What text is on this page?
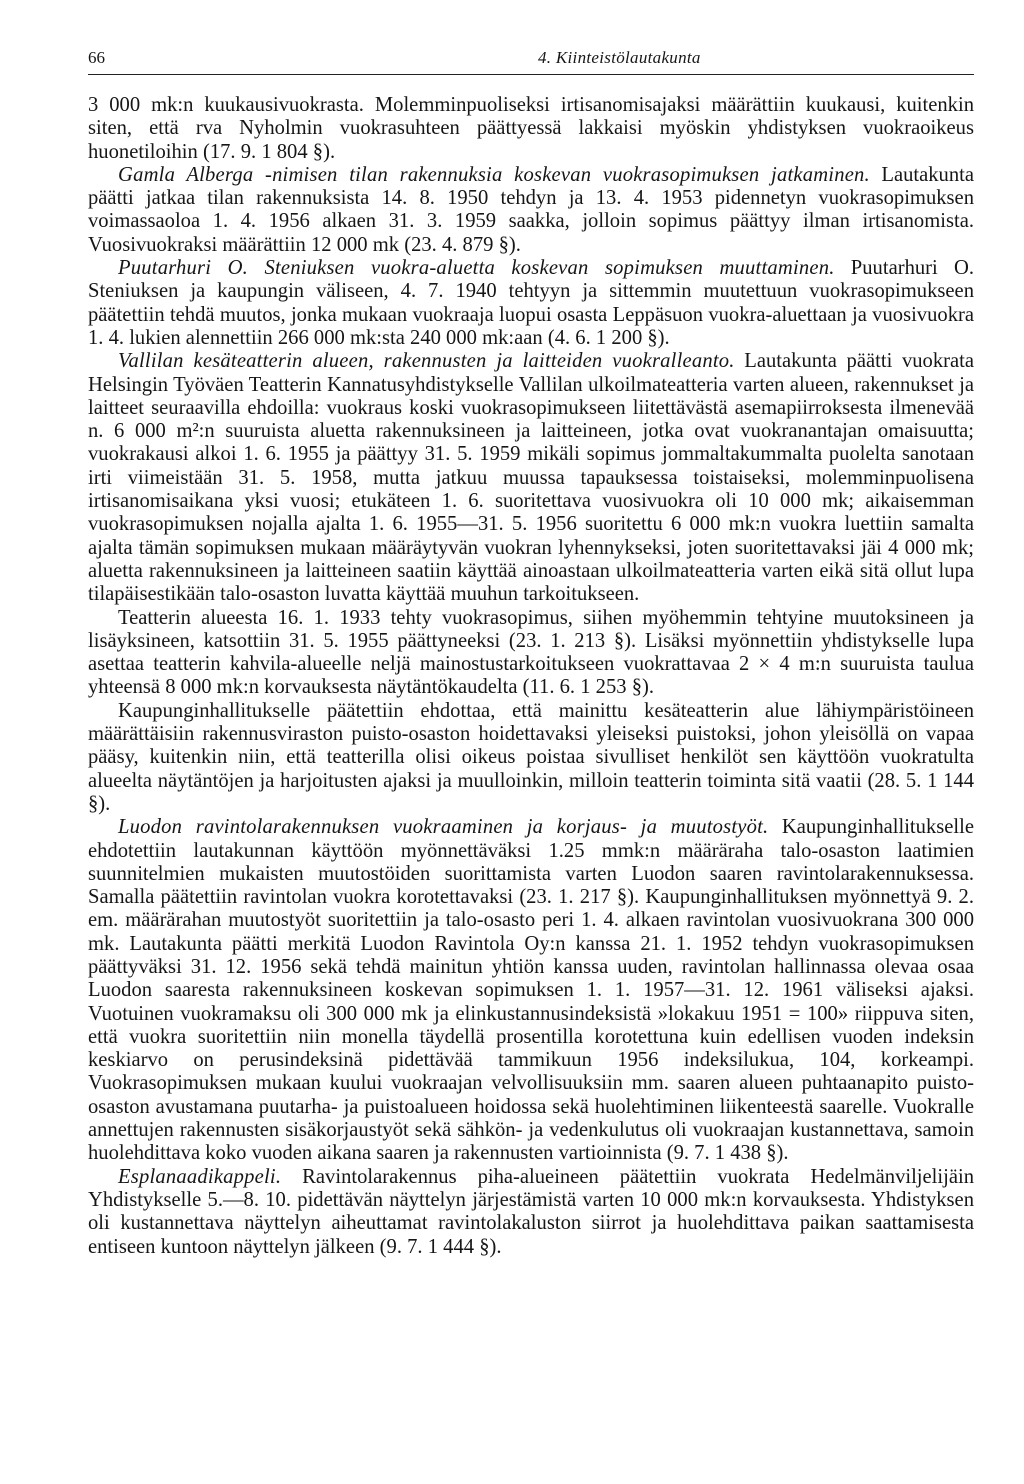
66	4. Kiinteistölautakunta

3 000 mk:n kuukausivuokrasta. Molemminpuoliseksi irtisanomisajaksi määrättiin kuukausi, kuitenkin siten, että rva Nyholmin vuokrasuhteen päättyessä lakkaisi myöskin yhdistyksen vuokraoikeus huonetiloihin (17. 9. 1 804 §).

Gamla Alberga -nimisen tilan rakennuksia koskevan vuokrasopimuksen jatkaminen. Lautakunta päätti jatkaa tilan rakennuksista 14. 8. 1950 tehdyn ja 13. 4. 1953 pidennetyn vuokrasopimuksen voimassaoloa 1. 4. 1956 alkaen 31. 3. 1959 saakka, jolloin sopimus päättyy ilman irtisanomista. Vuosivuokraksi määrättiin 12 000 mk (23. 4. 879 §).

Puutarhuri O. Steniuksen vuokra-aluetta koskevan sopimuksen muuttaminen. Puutarhuri O. Steniuksen ja kaupungin väliseen, 4. 7. 1940 tehtyyn ja sittemmin muutettuun vuokrasopimukseen päätettiin tehdä muutos, jonka mukaan vuokraaja luopui osasta Leppäsuon vuokra-aluettaan ja vuosivuokra 1. 4. lukien alennettiin 266 000 mk:sta 240 000 mk:aan (4. 6. 1 200 §).

Vallilan kesäteatterin alueen, rakennusten ja laitteiden vuokralleanto. Lautakunta päätti vuokrata Helsingin Työväen Teatterin Kannatusyhdistykselle Vallilan ulkoilmateatteria varten alueen, rakennukset ja laitteet seuraavilla ehdoilla: vuokraus koski vuokrasopimukseen liitettävästä asemapiirroksesta ilmenevää n. 6 000 m²:n suuruista aluetta rakennuksineen ja laitteineen, jotka ovat vuokranantajan omaisuutta; vuokrakausi alkoi 1. 6. 1955 ja päättyy 31. 5. 1959 mikäli sopimus jommaltakummalta puolelta sanotaan irti viimeistään 31. 5. 1958, mutta jatkuu muussa tapauksessa toistaiseksi, molemminpuolisena irtisanomisaikana yksi vuosi; etukäteen 1. 6. suoritettava vuosivuokra oli 10 000 mk; aikaisemman vuokrasopimuksen nojalla ajalta 1. 6. 1955—31. 5. 1956 suoritettu 6 000 mk:n vuokra luettiin samalta ajalta tämän sopimuksen mukaan määräytyvän vuokran lyhennykseksi, joten suoritettavaksi jäi 4 000 mk; aluetta rakennuksineen ja laitteineen saatiin käyttää ainoastaan ulkoilmateatteria varten eikä sitä ollut lupa tilapäisestikään talo-osaston luvatta käyttää muuhun tarkoitukseen.

Teatterin alueesta 16. 1. 1933 tehty vuokrasopimus, siihen myöhemmin tehtyine muutoksineen ja lisäyksineen, katsottiin 31. 5. 1955 päättyneeksi (23. 1. 213 §). Lisäksi myönnettiin yhdistykselle lupa asettaa teatterin kahvila-alueelle neljä mainostustarkoitukseen vuokrattavaa 2 × 4 m:n suuruista taulua yhteensä 8 000 mk:n korvauksesta näytäntökaudelta (11. 6. 1 253 §).

Kaupunginhallitukselle päätettiin ehdottaa, että mainittu kesäteatterin alue lähiympäristöineen määrättäisiin rakennusviraston puisto-osaston hoidettavaksi yleiseksi puistoksi, johon yleisöllä on vapaa pääsy, kuitenkin niin, että teatterilla olisi oikeus poistaa sivulliset henkilöt sen käyttöön vuokratulta alueelta näytäntöjen ja harjoitusten ajaksi ja muulloinkin, milloin teatterin toiminta sitä vaatii (28. 5. 1 144 §).

Luodon ravintolarakennuksen vuokraaminen ja korjaus- ja muutostyöt. Kaupunginhallitukselle ehdotettiin lautakunnan käyttöön myönnettäväksi 1.25 mmk:n määräraha talo-osaston laatimien suunnitelmien mukaisten muutostöiden suorittamista varten Luodon saaren ravintolarakennuksessa. Samalla päätettiin ravintolan vuokra korotettavaksi (23. 1. 217 §). Kaupunginhallituksen myönnettyä 9. 2. em. määrärahan muutostyöt suoritettiin ja talo-osasto peri 1. 4. alkaen ravintolan vuosivuokrana 300 000 mk. Lautakunta päätti merkitä Luodon Ravintola Oy:n kanssa 21. 1. 1952 tehdyn vuokrasopimuksen päättyväksi 31. 12. 1956 sekä tehdä mainitun yhtiön kanssa uuden, ravintolan hallinnassa olevaa osaa Luodon saaresta rakennuksineen koskevan sopimuksen 1. 1. 1957—31. 12. 1961 väliseksi ajaksi. Vuotuinen vuokramaksu oli 300 000 mk ja elinkustannusindeksistä »lokakuu 1951 = 100» riippuva siten, että vuokra suoritettiin niin monella täydellä prosentilla korotettuna kuin edellisen vuoden indeksin keskiarvo on perusindeksinä pidettävää tammikuun 1956 indeksilukua, 104, korkeampi. Vuokrasopimuksen mukaan kuului vuokraajan velvollisuuksiin mm. saaren alueen puhtaanapito puisto-osaston avustamana puutarha- ja puistoalueen hoidossa sekä huolehtiminen liikenteestä saarelle. Vuokralle annettujen rakennusten sisäkorjaustyöt sekä sähkön- ja vedenkulutus oli vuokraajan kustannettava, samoin huolehdittava koko vuoden aikana saaren ja rakennusten vartioinnista (9. 7. 1 438 §).

Esplanaadikappeli. Ravintolarakennus piha-alueineen päätettiin vuokrata Hedelmänviljelijäin Yhdistykselle 5.—8. 10. pidettävän näyttelyn järjestämistä varten 10 000 mk:n korvauksesta. Yhdistyksen oli kustannettava näyttelyn aiheuttamat ravintolakaluston siirrot ja huolehdittava paikan saattamisesta entiseen kuntoon näyttelyn jälkeen (9. 7. 1 444 §).
